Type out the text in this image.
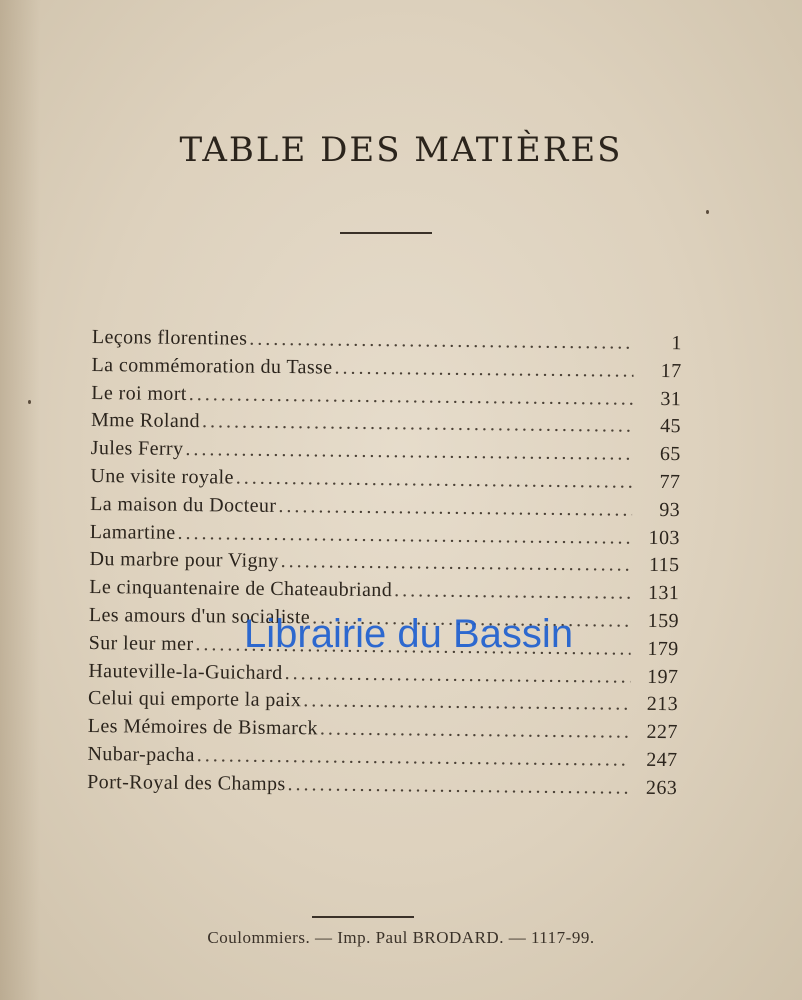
TABLE DES MATIÈRES
Leçons florentines .....	1
La commémoration du Tasse .....	17
Le roi mort .....	31
Mme Roland .....	45
Jules Ferry .....	65
Une visite royale .....	77
La maison du Docteur .....	93
Lamartine .....	103
Du marbre pour Vigny .....	115
Le cinquantenaire de Chateaubriand .....	131
Les amours d'un socialiste .....	159
Sur leur mer .....	179
Hauteville-la-Guichard .....	197
Celui qui emporte la paix .....	213
Les Mémoires de Bismarck .....	227
Nubar-pacha .....	247
Port-Royal des Champs .....	263
Librairie du Bassin
Coulommiers. — Imp. Paul BRODARD. — 1117-99.
